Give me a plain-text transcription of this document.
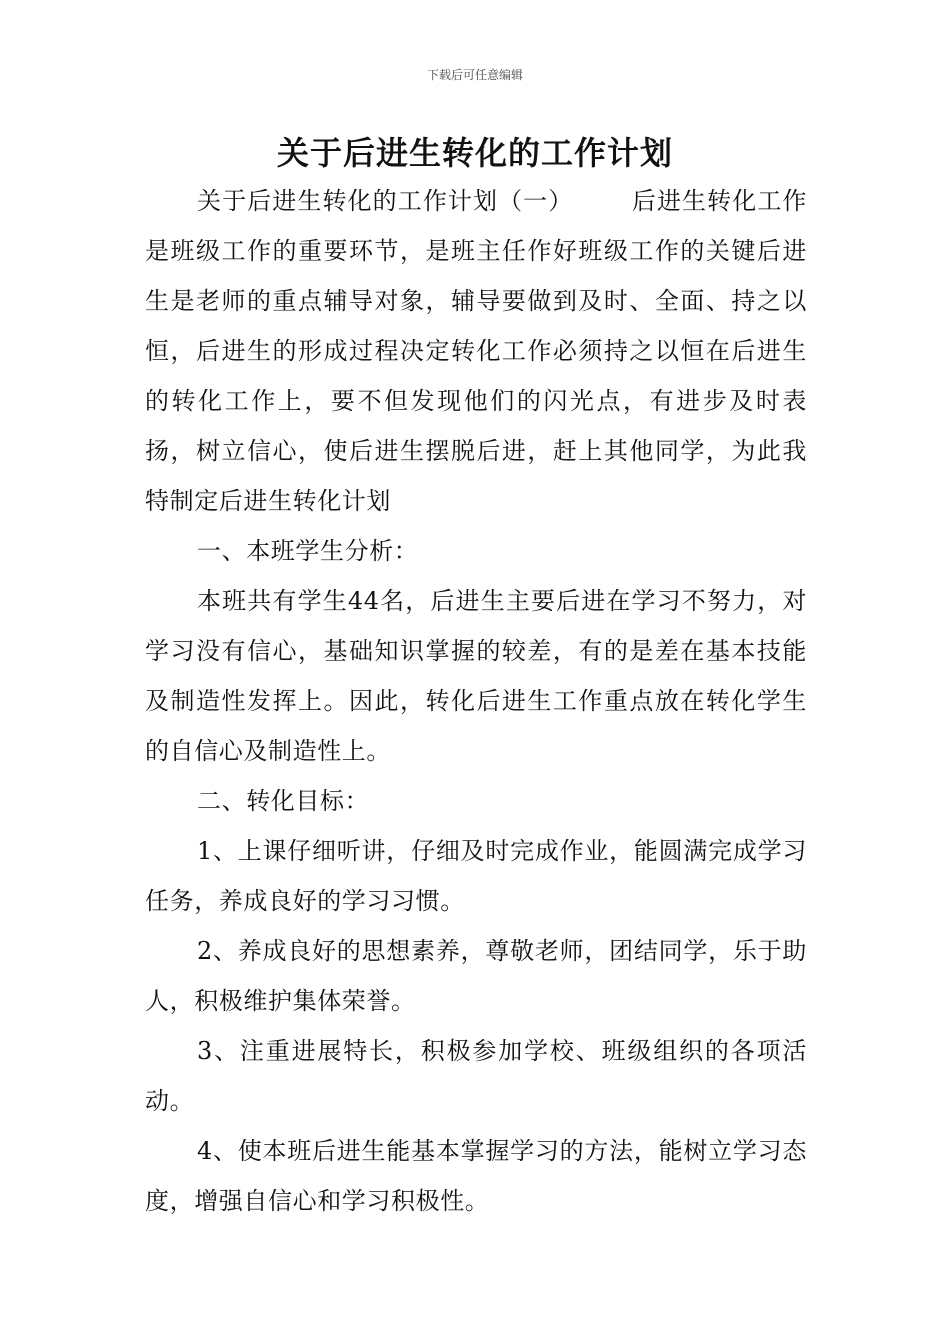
下载后可任意编辑
关于后进生转化的工作计划

关于后进生转化的工作计划（一） 后进生转化工作是班级工作的重要环节，是班主任作好班级工作的关键后进生是老师的重点辅导对象，辅导要做到及时、全面、持之以恒，后进生的形成过程决定转化工作必须持之以恒在后进生的转化工作上，要不但发现他们的闪光点，有进步及时表扬，树立信心，使后进生摆脱后进，赶上其他同学，为此我特制定后进生转化计划

一、本班学生分析：

本班共有学生44名，后进生主要后进在学习不努力，对学习没有信心，基础知识掌握的较差，有的是差在基本技能及制造性发挥上。因此，转化后进生工作重点放在转化学生的自信心及制造性上。

二、转化目标：

1、上课仔细听讲，仔细及时完成作业，能圆满完成学习任务，养成良好的学习习惯。

2、养成良好的思想素养，尊敬老师，团结同学，乐于助人，积极维护集体荣誉。

3、注重进展特长，积极参加学校、班级组织的各项活动。

4、使本班后进生能基本掌握学习的方法，能树立学习态度，增强自信心和学习积极性。
